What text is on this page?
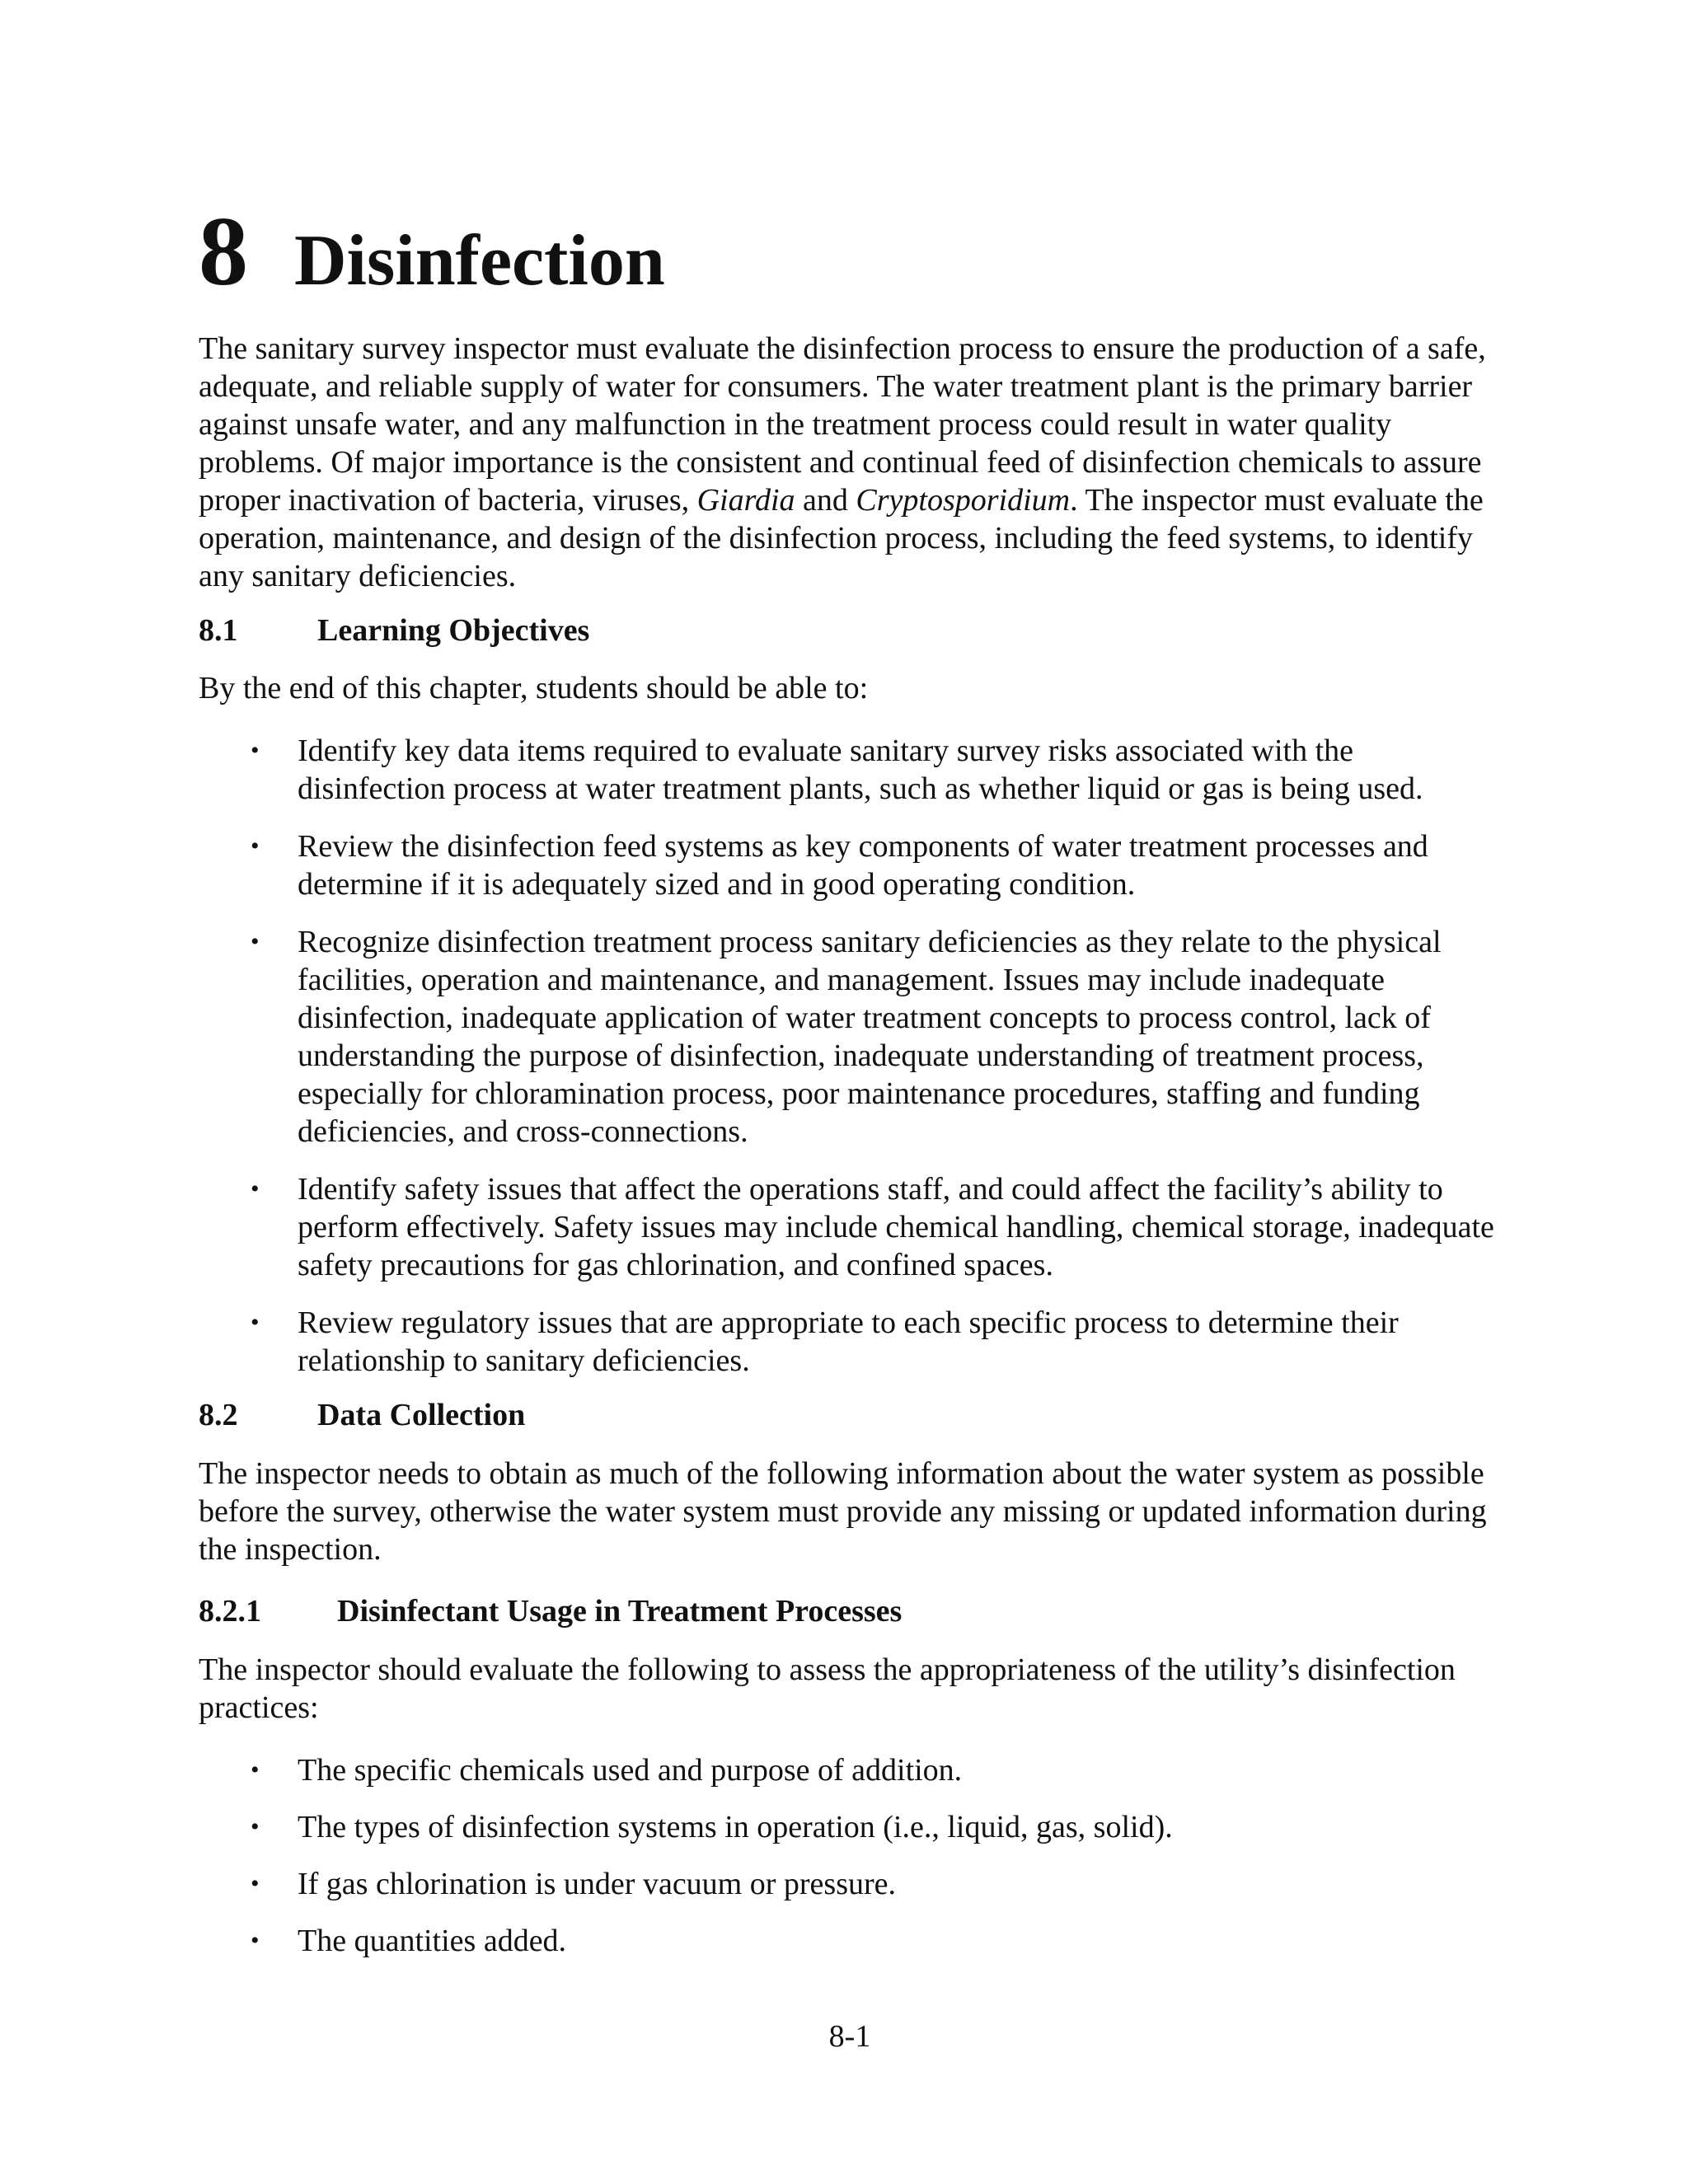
8 Disinfection

The sanitary survey inspector must evaluate the disinfection process to ensure the production of a safe, adequate, and reliable supply of water for consumers. The water treatment plant is the primary barrier against unsafe water, and any malfunction in the treatment process could result in water quality problems. Of major importance is the consistent and continual feed of disinfection chemicals to assure proper inactivation of bacteria, viruses, Giardia and Cryptosporidium. The inspector must evaluate the operation, maintenance, and design of the disinfection process, including the feed systems, to identify any sanitary deficiencies.

8.1	Learning Objectives

By the end of this chapter, students should be able to:

• Identify key data items required to evaluate sanitary survey risks associated with the disinfection process at water treatment plants, such as whether liquid or gas is being used.
• Review the disinfection feed systems as key components of water treatment processes and determine if it is adequately sized and in good operating condition.
• Recognize disinfection treatment process sanitary deficiencies as they relate to the physical facilities, operation and maintenance, and management. Issues may include inadequate disinfection, inadequate application of water treatment concepts to process control, lack of understanding the purpose of disinfection, inadequate understanding of treatment process, especially for chloramination process, poor maintenance procedures, staffing and funding deficiencies, and cross-connections.
• Identify safety issues that affect the operations staff, and could affect the facility’s ability to perform effectively. Safety issues may include chemical handling, chemical storage, inadequate safety precautions for gas chlorination, and confined spaces.
• Review regulatory issues that are appropriate to each specific process to determine their relationship to sanitary deficiencies.
8.2	Data Collection

The inspector needs to obtain as much of the following information about the water system as possible before the survey, otherwise the water system must provide any missing or updated information during the inspection.

8.2.1 Disinfectant Usage in Treatment Processes

The inspector should evaluate the following to assess the appropriateness of the utility’s disinfection practices:

• The specific chemicals used and purpose of addition.
• The types of disinfection systems in operation (i.e., liquid, gas, solid).
• If gas chlorination is under vacuum or pressure.
• The quantities added.
8-1
